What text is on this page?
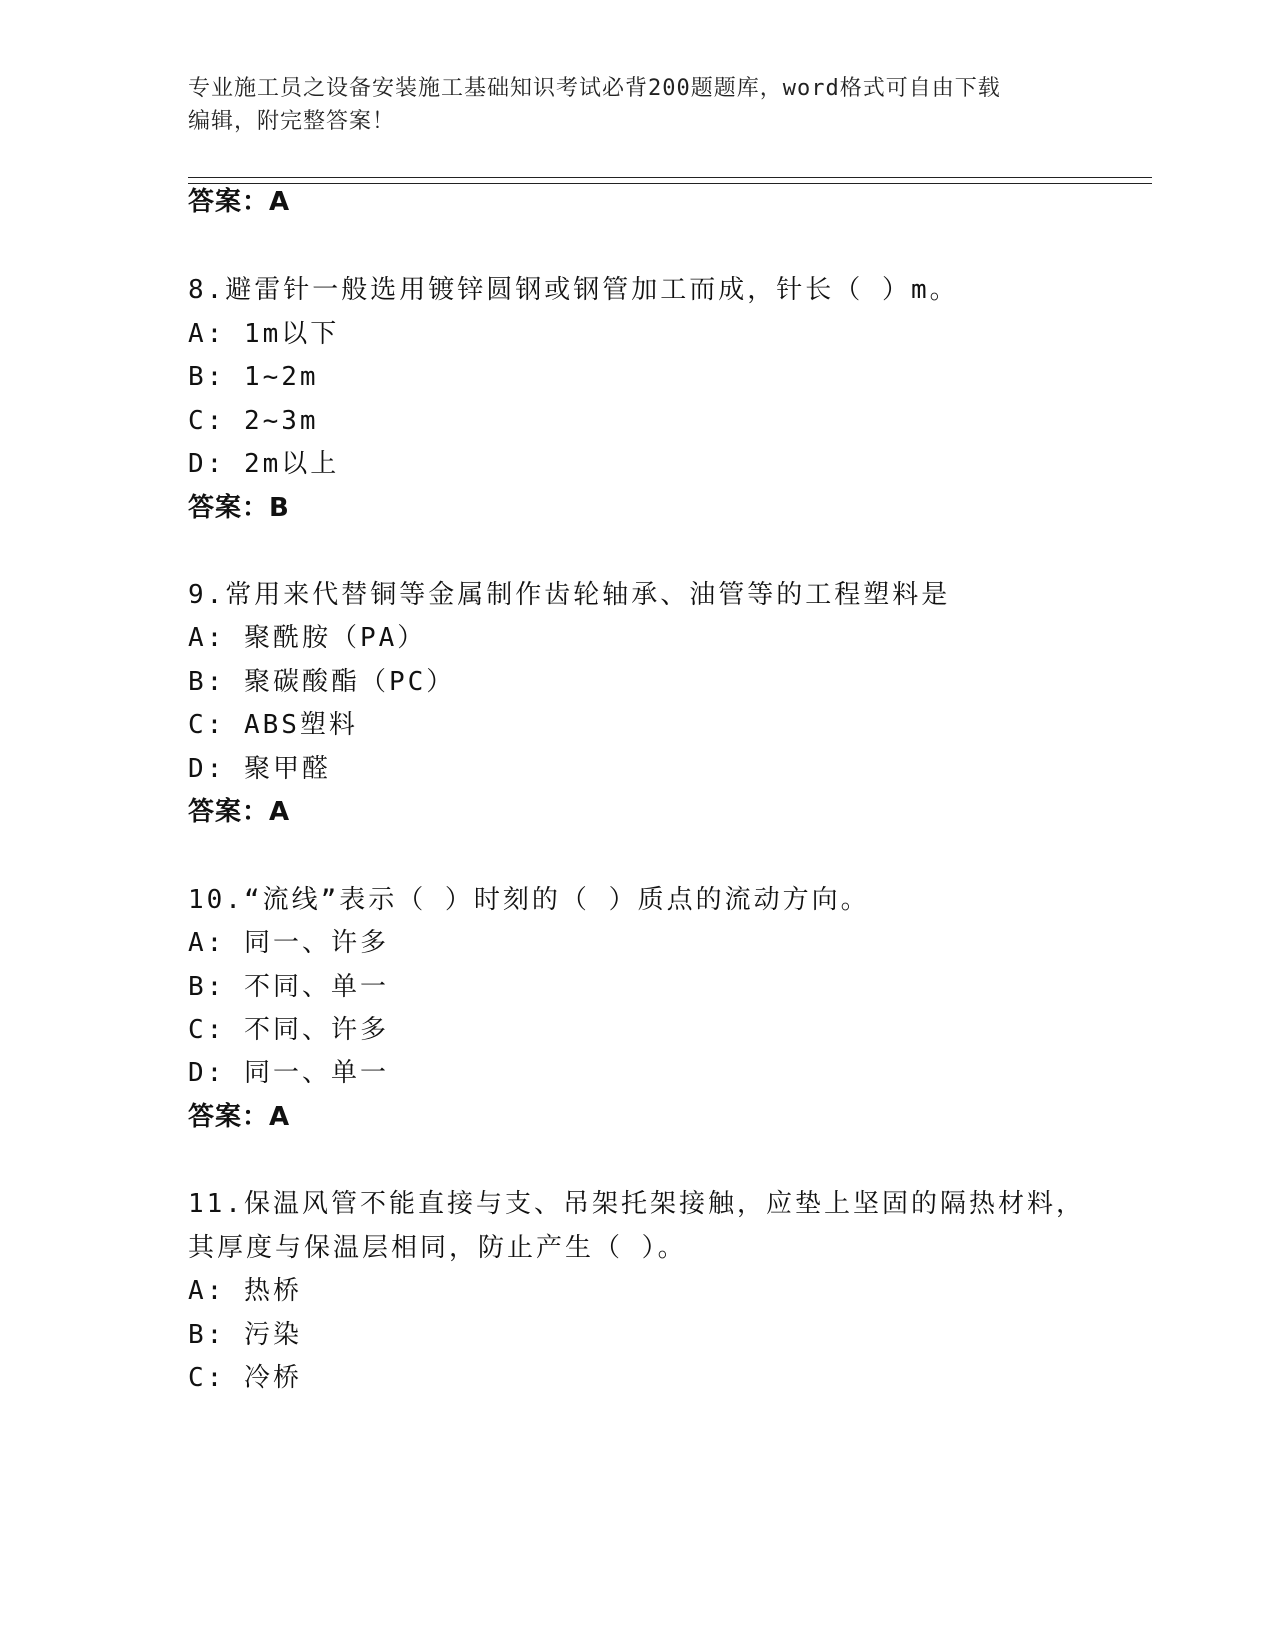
专业施工员之设备安装施工基础知识考试必背200题题库，word格式可自由下载
编辑，附完整答案！
答案：A
8.避雷针一般选用镀锌圆钢或钢管加工而成，针长（ ）m。
A: 1m以下
B: 1~2m
C: 2~3m
D: 2m以上
答案：B
9.常用来代替铜等金属制作齿轮轴承、油管等的工程塑料是
A: 聚酰胺（PA）
B: 聚碳酸酯（PC）
C: ABS塑料
D: 聚甲醛
答案：A
10.“流线”表示（ ）时刻的（ ）质点的流动方向。
A: 同一、许多
B: 不同、单一
C: 不同、许多
D: 同一、单一
答案：A
11.保温风管不能直接与支、吊架托架接触，应垫上坚固的隔热材料，
其厚度与保温层相同，防止产生（ ）。
A: 热桥
B: 污染
C: 冷桥
